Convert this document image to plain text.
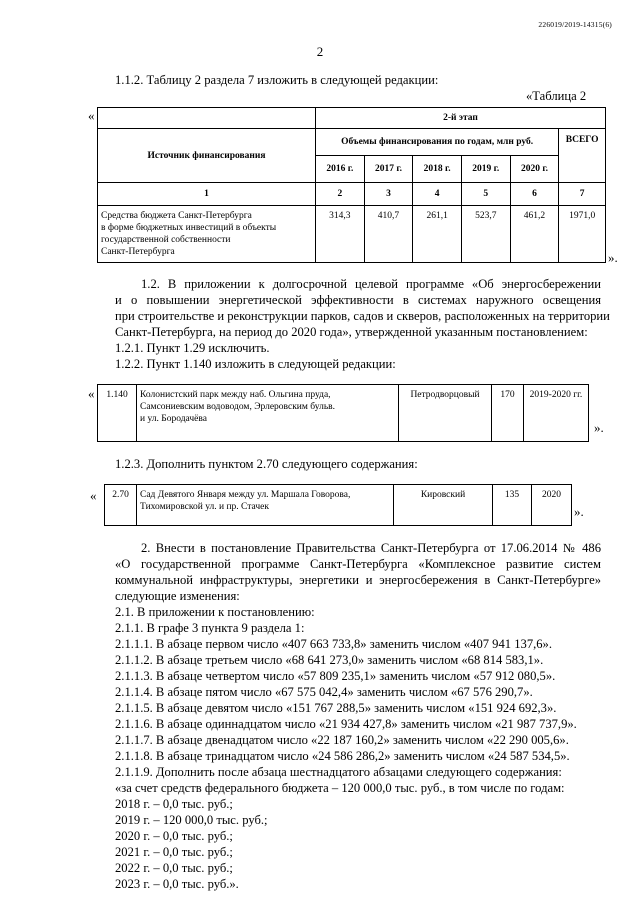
226019/2019-14315(6)
2
1.1.2. Таблицу 2 раздела 7 изложить в следующей редакции:
«Таблица 2
«
		2-й этап					
Источник финансирования	Объемы финансирования по годам, млн руб.					ВСЕГО
	2016 г.	2017 г.	2018 г.	2019 г.	2020 г.	
1	2	3	4	5	6	7

Средства бюджета Санкт-Петербурга
в форме бюджетных инвестиций в объекты
государственной собственности
Санкт-Петербурга	314,3	410,7	261,1	523,7	461,2	1971,0
».
1.2. В приложении к долгосрочной целевой программе «Об энергосбережении
и о повышении энергетической эффективности в системах наружного освещения
при строительстве и реконструкции парков, садов и скверов, расположенных на территории
Санкт-Петербурга, на период до 2020 года», утвержденной указанным постановлением:
1.2.1. Пункт 1.29 исключить.
1.2.2. Пункт 1.140 изложить в следующей редакции:
« 1.140	Колонистский парк между наб. Ольгина пруда,
Самсониевским водоводом, Эрлеровским бульв.
и ул. Бородачёва
	Петродворцовый	170	2019-2020 гг.
».
1.2.3. Дополнить пунктом 2.70 следующего содержания:
« 2.70	Сад Девятого Января между ул. Маршала Говорова,
Тихомировской ул. и пр. Стачек
	Кировский	135	2020
».
2. Внести в постановление Правительства Санкт-Петербурга от 17.06.2014 № 486
«О государственной программе Санкт-Петербурга «Комплексное развитие систем
коммунальной инфраструктуры, энергетики и энергосбережения в Санкт-Петербурге»
следующие изменения:
2.1. В приложении к постановлению:
2.1.1. В графе 3 пункта 9 раздела 1:
2.1.1.1. В абзаце первом число «407 663 733,8» заменить числом «407 941 137,6».
2.1.1.2. В абзаце третьем число «68 641 273,0» заменить числом «68 814 583,1».
2.1.1.3. В абзаце четвертом число «57 809 235,1» заменить числом «57 912 080,5».
2.1.1.4. В абзаце пятом число «67 575 042,4» заменить числом «67 576 290,7».
2.1.1.5. В абзаце девятом число «151 767 288,5» заменить числом «151 924 692,3».
2.1.1.6. В абзаце одиннадцатом число «21 934 427,8» заменить числом «21 987 737,9».
2.1.1.7. В абзаце двенадцатом число «22 187 160,2» заменить числом «22 290 005,6».
2.1.1.8. В абзаце тринадцатом число «24 586 286,2» заменить числом «24 587 534,5».
2.1.1.9. Дополнить после абзаца шестнадцатого абзацами следующего содержания:
«за счет средств федерального бюджета – 120 000,0 тыс. руб., в том числе по годам:
2018 г. – 0,0 тыс. руб.;
2019 г. – 120 000,0 тыс. руб.;
2020 г. – 0,0 тыс. руб.;
2021 г. – 0,0 тыс. руб.;
2022 г. – 0,0 тыс. руб.;
2023 г. – 0,0 тыс. руб.».
